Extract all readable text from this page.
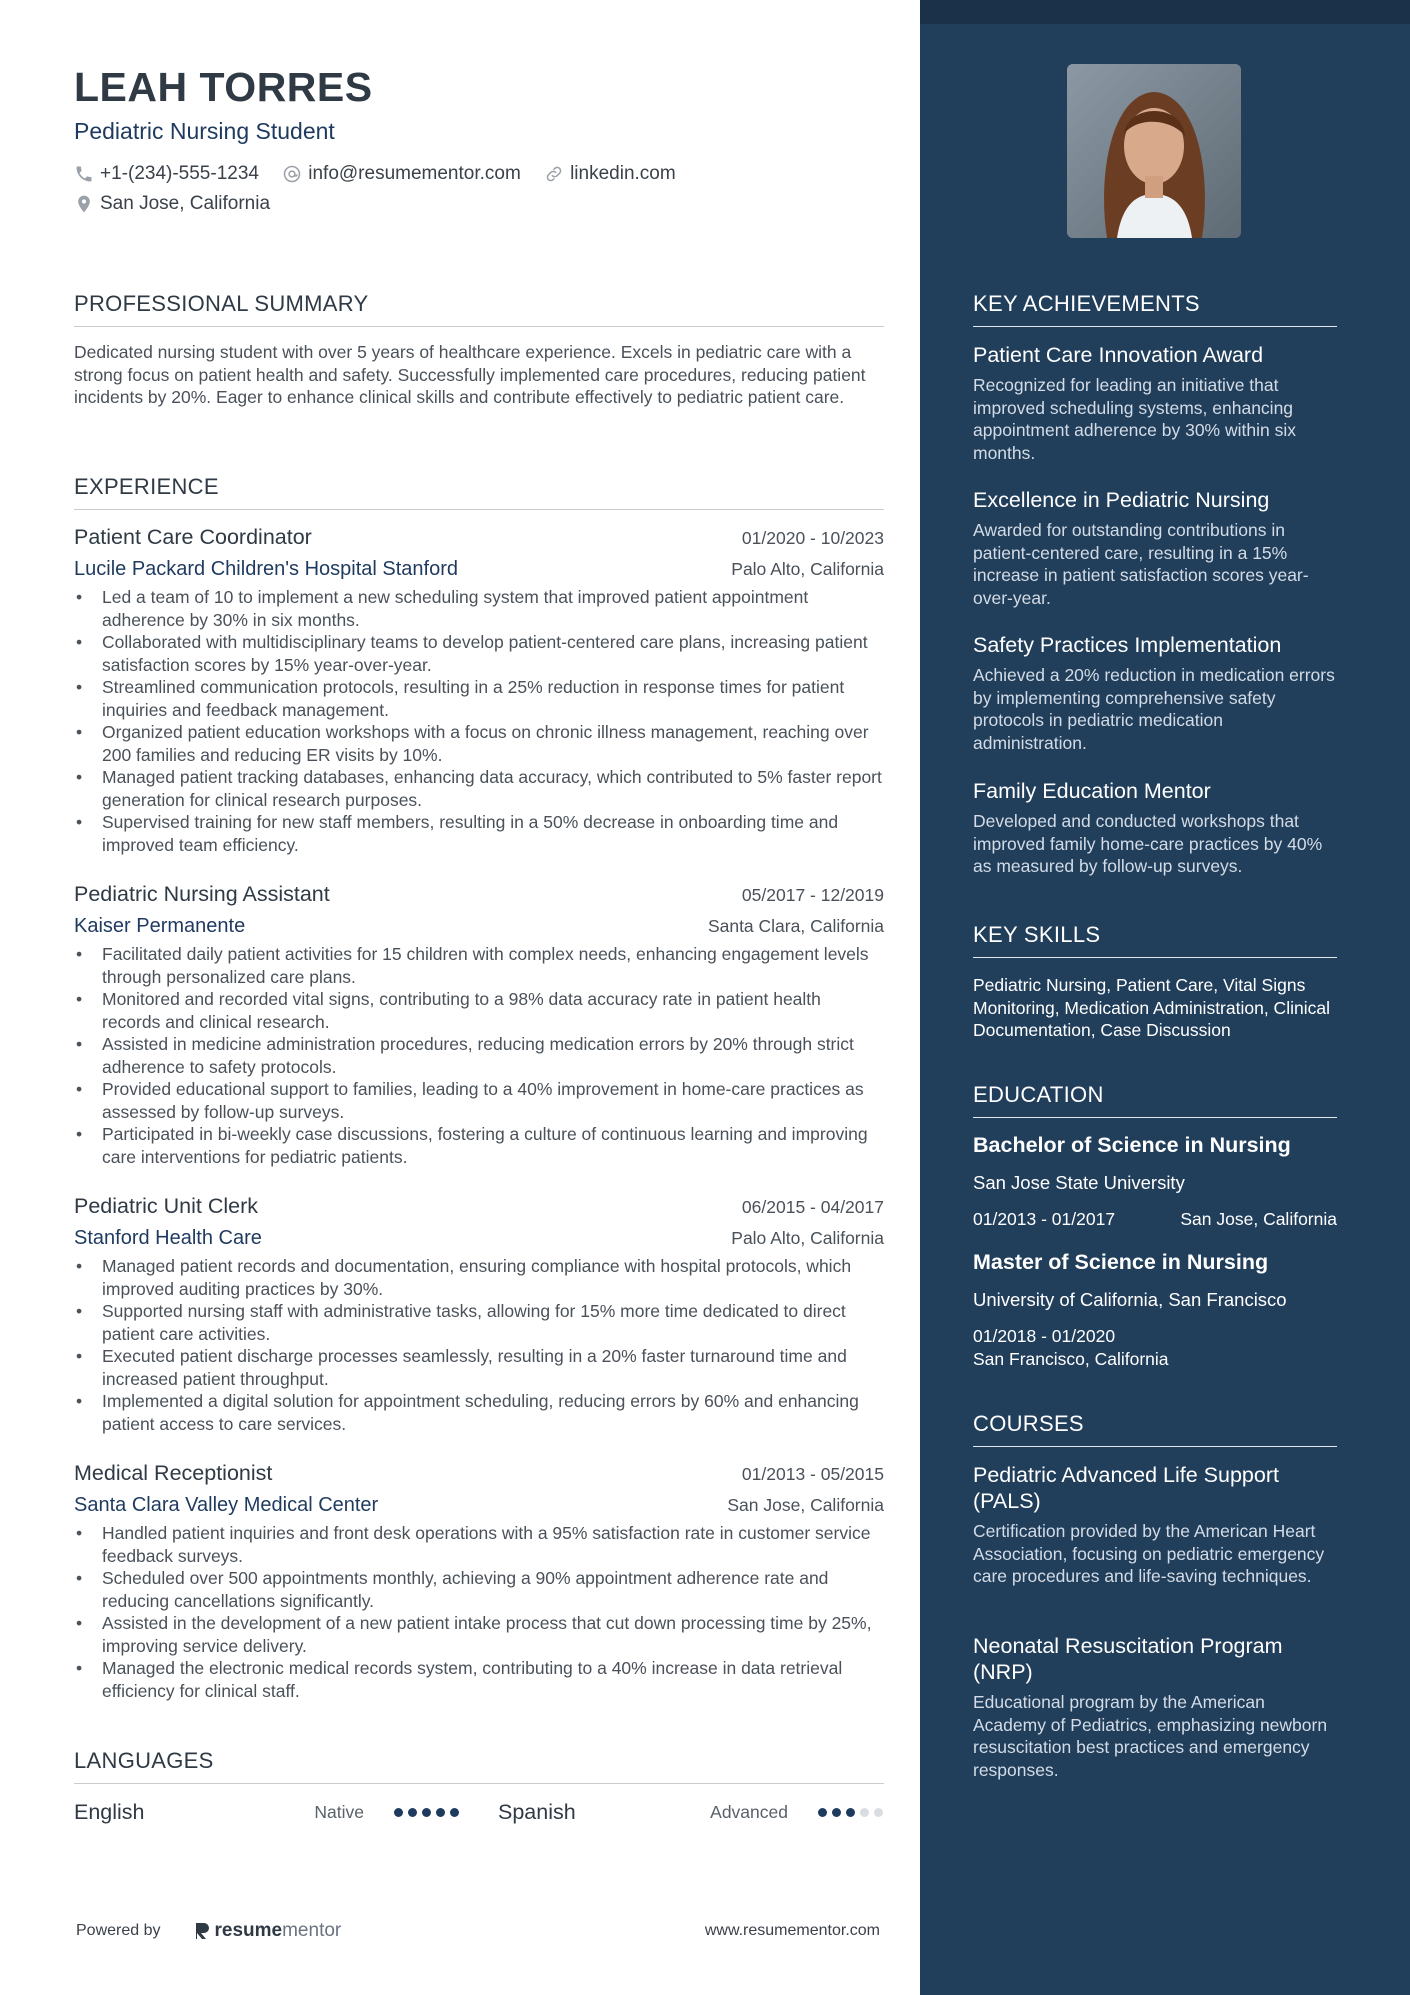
LEAH TORRES
Pediatric Nursing Student
+1-(234)-555-1234
	info@resumementor.com
	linkedin.com
San Jose, California
PROFESSIONAL SUMMARY
Dedicated nursing student with over 5 years of healthcare experience. Excels in pediatric care with a strong focus on patient health and safety. Successfully implemented care procedures, reducing patient incidents by 20%. Eager to enhance clinical skills and contribute effectively to pediatric patient care.
EXPERIENCE
Patient Care Coordinator	01/2020 - 10/2023
Lucile Packard Children's Hospital Stanford	Palo Alto, California
• Led a team of 10 to implement a new scheduling system that improved patient appointment adherence by 30% in six months.
• Collaborated with multidisciplinary teams to develop patient-centered care plans, increasing patient satisfaction scores by 15% year-over-year.
• Streamlined communication protocols, resulting in a 25% reduction in response times for patient inquiries and feedback management.
• Organized patient education workshops with a focus on chronic illness management, reaching over 200 families and reducing ER visits by 10%.
• Managed patient tracking databases, enhancing data accuracy, which contributed to 5% faster report generation for clinical research purposes.
• Supervised training for new staff members, resulting in a 50% decrease in onboarding time and improved team efficiency.
Pediatric Nursing Assistant	05/2017 - 12/2019
Kaiser Permanente	Santa Clara, California
• Facilitated daily patient activities for 15 children with complex needs, enhancing engagement levels through personalized care plans.
• Monitored and recorded vital signs, contributing to a 98% data accuracy rate in patient health records and clinical research.
• Assisted in medicine administration procedures, reducing medication errors by 20% through strict adherence to safety protocols.
• Provided educational support to families, leading to a 40% improvement in home-care practices as assessed by follow-up surveys.
• Participated in bi-weekly case discussions, fostering a culture of continuous learning and improving care interventions for pediatric patients.
Pediatric Unit Clerk	06/2015 - 04/2017
Stanford Health Care	Palo Alto, California
• Managed patient records and documentation, ensuring compliance with hospital protocols, which improved auditing practices by 30%.
• Supported nursing staff with administrative tasks, allowing for 15% more time dedicated to direct patient care activities.
• Executed patient discharge processes seamlessly, resulting in a 20% faster turnaround time and increased patient throughput.
• Implemented a digital solution for appointment scheduling, reducing errors by 60% and enhancing patient access to care services.
Medical Receptionist	01/2013 - 05/2015
Santa Clara Valley Medical Center	San Jose, California
• Handled patient inquiries and front desk operations with a 95% satisfaction rate in customer service feedback surveys.
• Scheduled over 500 appointments monthly, achieving a 90% appointment adherence rate and reducing cancellations significantly.
• Assisted in the development of a new patient intake process that cut down processing time by 25%, improving service delivery.
• Managed the electronic medical records system, contributing to a 40% increase in data retrieval efficiency for clinical staff.
LANGUAGES
English	Native	Spanish	Advanced
Powered by	resume mentor	www.resumementor.com
KEY ACHIEVEMENTS
Patient Care Innovation Award
Recognized for leading an initiative that improved scheduling systems, enhancing appointment adherence by 30% within six months.
Excellence in Pediatric Nursing
Awarded for outstanding contributions in patient-centered care, resulting in a 15% increase in patient satisfaction scores year-over-year.
Safety Practices Implementation
Achieved a 20% reduction in medication errors by implementing comprehensive safety protocols in pediatric medication administration.
Family Education Mentor
Developed and conducted workshops that improved family home-care practices by 40% as measured by follow-up surveys.
KEY SKILLS
Pediatric Nursing, Patient Care, Vital Signs Monitoring, Medication Administration, Clinical Documentation, Case Discussion
EDUCATION
Bachelor of Science in Nursing
San Jose State University
01/2013 - 01/2017	San Jose, California
Master of Science in Nursing
University of California, San Francisco
01/2018 - 01/2020
San Francisco, California
COURSES
Pediatric Advanced Life Support (PALS)
Certification provided by the American Heart Association, focusing on pediatric emergency care procedures and life-saving techniques.
Neonatal Resuscitation Program (NRP)
Educational program by the American Academy of Pediatrics, emphasizing newborn resuscitation best practices and emergency responses.
